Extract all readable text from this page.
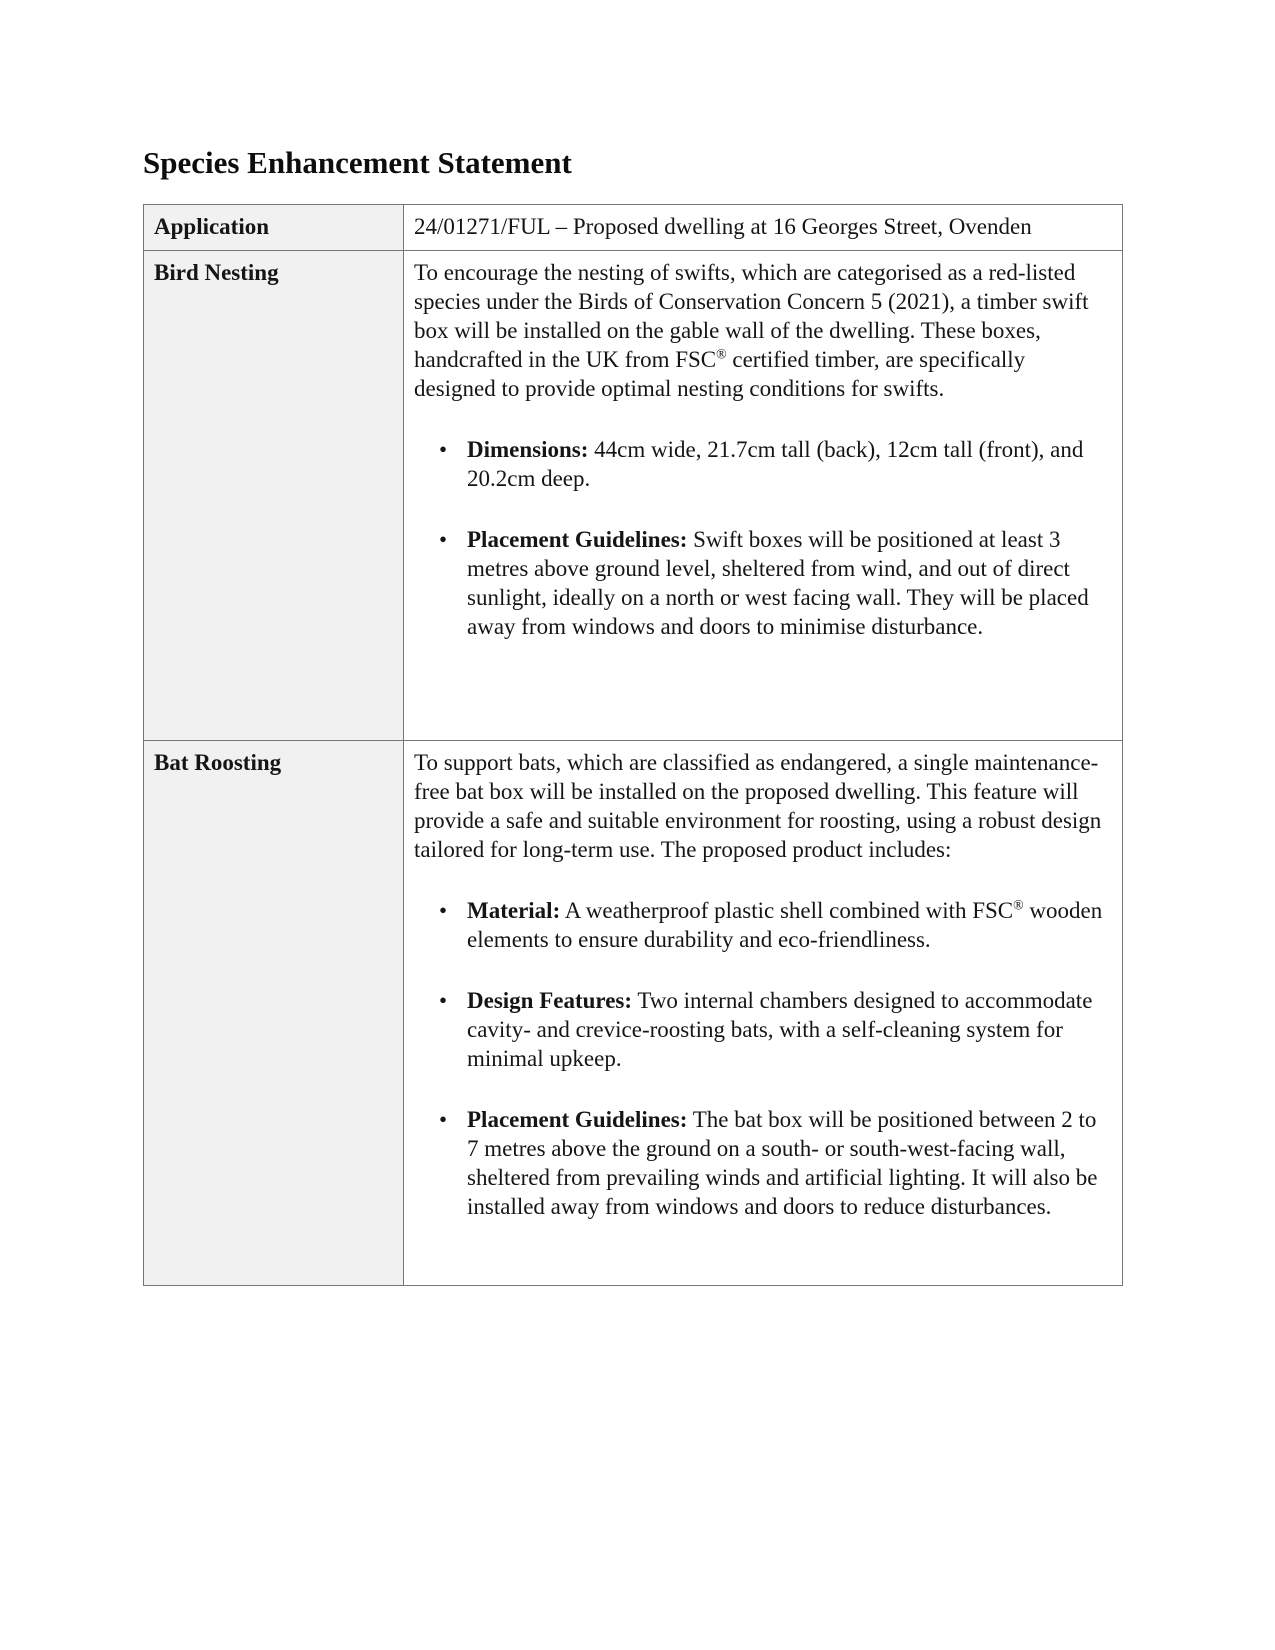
Species Enhancement Statement
Application	24/01271/FUL – Proposed dwelling at 16 Georges Street, Ovenden

Bird Nesting	To encourage the nesting of swifts, which are categorised as a red-listed species under the Birds of Conservation Concern 5 (2021), a timber swift box will be installed on the gable wall of the dwelling. These boxes, handcrafted in the UK from FSC® certified timber, are specifically designed to provide optimal nesting conditions for swifts.

• Dimensions: 44cm wide, 21.7cm tall (back), 12cm tall (front), and 20.2cm deep.

• Placement Guidelines: Swift boxes will be positioned at least 3 metres above ground level, sheltered from wind, and out of direct sunlight, ideally on a north or west facing wall. They will be placed away from windows and doors to minimise disturbance.

Bat Roosting	To support bats, which are classified as endangered, a single maintenance-free bat box will be installed on the proposed dwelling. This feature will provide a safe and suitable environment for roosting, using a robust design tailored for long-term use. The proposed product includes:

• Material: A weatherproof plastic shell combined with FSC® wooden elements to ensure durability and eco-friendliness.

• Design Features: Two internal chambers designed to accommodate cavity- and crevice-roosting bats, with a self-cleaning system for minimal upkeep.

• Placement Guidelines: The bat box will be positioned between 2 to 7 metres above the ground on a south- or south-west-facing wall, sheltered from prevailing winds and artificial lighting. It will also be installed away from windows and doors to reduce disturbances.
